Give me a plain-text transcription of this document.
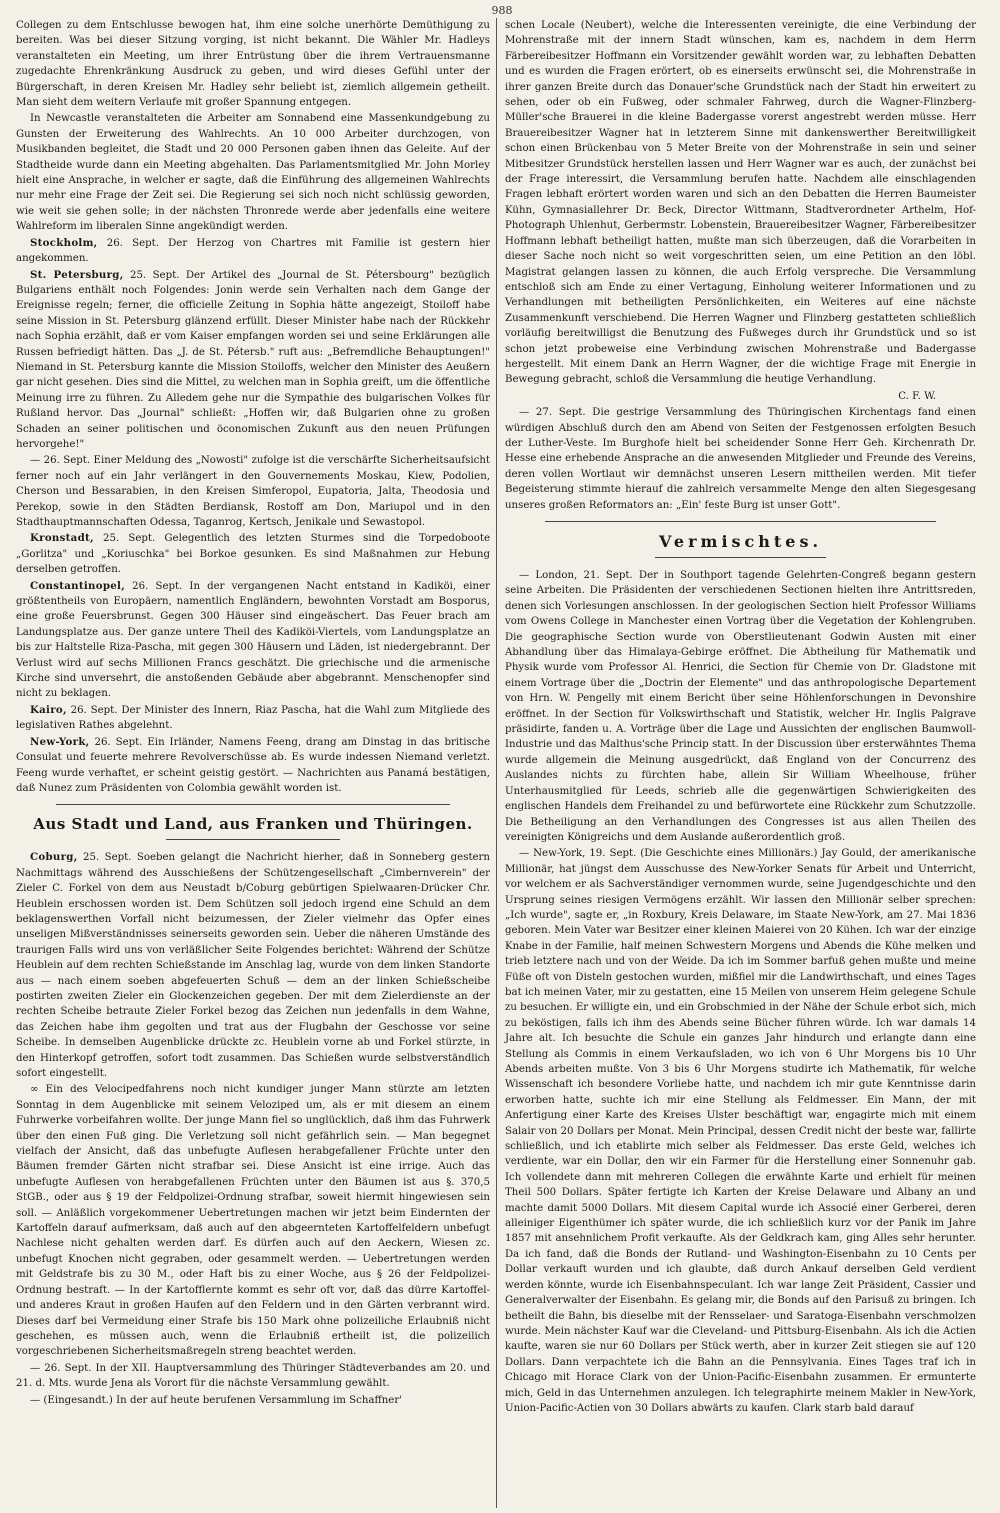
988

Collegen zu dem Entschlusse bewogen hat, ihm eine solche unerhörte Demüthigung zu bereiten. Was bei dieser Sitzung vorging, ist nicht bekannt. Die Wähler Mr. Hadleys veranstalteten ein Meeting, um ihrer Entrüstung über die ihrem Vertrauensmanne zugedachte Ehrenkränkung Ausdruck zu geben, und wird dieses Gefühl unter der Bürgerschaft, in deren Kreisen Mr. Hadley sehr beliebt ist, ziemlich allgemein getheilt. Man sieht dem weitern Verlaufe mit großer Spannung entgegen.

In Newcastle veranstalteten die Arbeiter am Sonnabend eine Massenkundgebung zu Gunsten der Erweiterung des Wahlrechts. An 10 000 Arbeiter durchzogen, von Musikbanden begleitet, die Stadt und 20 000 Personen gaben ihnen das Geleite. Auf der Stadtheide wurde dann ein Meeting abgehalten. Das Parlamentsmitglied Mr. John Morley hielt eine Ansprache, in welcher er sagte, daß die Einführung des allgemeinen Wahlrechts nur mehr eine Frage der Zeit sei. Die Regierung sei sich noch nicht schlüssig geworden, wie weit sie gehen solle; in der nächsten Thronrede werde aber jedenfalls eine weitere Wahlreform im liberalen Sinne angekündigt werden.

Stockholm, 26. Sept. Der Herzog von Chartres mit Familie ist gestern hier angekommen.

St. Petersburg, 25. Sept. Der Artikel des „Journal de St. Pétersbourg" bezüglich Bulgariens enthält noch Folgendes: Jonin werde sein Verhalten nach dem Gange der Ereignisse regeln; ferner, die officielle Zeitung in Sophia hätte angezeigt, Stoiloff habe seine Mission in St. Petersburg glänzend erfüllt. Dieser Minister habe nach der Rückkehr nach Sophia erzählt, daß er vom Kaiser empfangen worden sei und seine Erklärungen alle Russen befriedigt hätten. Das „J. de St. Pétersb." ruft aus: „Befremdliche Behauptungen!" Niemand in St. Petersburg kannte die Mission Stoiloffs, welcher den Minister des Aeußern gar nicht gesehen. Dies sind die Mittel, zu welchen man in Sophia greift, um die öffentliche Meinung irre zu führen. Zu Alledem gehe nur die Sympathie des bulgarischen Volkes für Rußland hervor. Das „Journal" schließt: „Hoffen wir, daß Bulgarien ohne zu großen Schaden an seiner politischen und öconomischen Zukunft aus den neuen Prüfungen hervorgehe!"

— 26. Sept. Einer Meldung des „Nowosti" zufolge ist die verschärfte Sicherheitsaufsicht ferner noch auf ein Jahr verlängert in den Gouvernements Moskau, Kiew, Podolien, Cherson und Bessarabien, in den Kreisen Simferopol, Eupatoria, Jalta, Theodosia und Perekop, sowie in den Städten Berdiansk, Rostoff am Don, Mariupol und in den Stadthauptmannschaften Odessa, Taganrog, Kertsch, Jenikale und Sewastopol.

Kronstadt, 25. Sept. Gelegentlich des letzten Sturmes sind die Torpedoboote „Gorlitza" und „Koriuschka" bei Borkoe gesunken. Es sind Maßnahmen zur Hebung derselben getroffen.

Constantinopel, 26. Sept. In der vergangenen Nacht entstand in Kadiköi, einer größtentheils von Europäern, namentlich Engländern, bewohnten Vorstadt am Bosporus, eine große Feuersbrunst. Gegen 300 Häuser sind eingeäschert. Das Feuer brach am Landungsplatze aus. Der ganze untere Theil des Kadiköi-Viertels, vom Landungsplatze an bis zur Haltstelle Riza-Pascha, mit gegen 300 Häusern und Läden, ist niedergebrannt. Der Verlust wird auf sechs Millionen Francs geschätzt. Die griechische und die armenische Kirche sind unversehrt, die anstoßenden Gebäude aber abgebrannt. Menschenopfer sind nicht zu beklagen.

Kairo, 26. Sept. Der Minister des Innern, Riaz Pascha, hat die Wahl zum Mitgliede des legislativen Rathes abgelehnt.

New-York, 26. Sept. Ein Irländer, Namens Feeng, drang am Dinstag in das britische Consulat und feuerte mehrere Revolverschüsse ab. Es wurde indessen Niemand verletzt. Feeng wurde verhaftet, er scheint geistig gestört. — Nachrichten aus Panamá bestätigen, daß Nunez zum Präsidenten von Colombia gewählt worden ist.

Aus Stadt und Land, aus Franken und Thüringen.

Coburg, 25. Sept. Soeben gelangt die Nachricht hierher, daß in Sonneberg gestern Nachmittags während des Ausschießens der Schützengesellschaft „Cimbernverein" der Zieler C. Forkel von dem aus Neustadt b/Coburg gebürtigen Spielwaaren-Drücker Chr. Heublein erschossen worden ist. Dem Schützen soll jedoch irgend eine Schuld an dem beklagenswerthen Vorfall nicht beizumessen, der Zieler vielmehr das Opfer eines unseligen Mißverständnisses seinerseits geworden sein. Ueber die näheren Umstände des traurigen Falls wird uns von verläßlicher Seite Folgendes berichtet: Während der Schütze Heublein auf dem rechten Schießstande im Anschlag lag, wurde von dem linken Standorte aus — nach einem soeben abgefeuerten Schuß — dem an der linken Schießscheibe postirten zweiten Zieler ein Glockenzeichen gegeben. Der mit dem Zielerdienste an der rechten Scheibe betraute Zieler Forkel bezog das Zeichen nun jedenfalls in dem Wahne, das Zeichen habe ihm gegolten und trat aus der Flugbahn der Geschosse vor seine Scheibe. In demselben Augenblicke drückte zc. Heublein vorne ab und Forkel stürzte, in den Hinterkopf getroffen, sofort todt zusammen. Das Schießen wurde selbstverständlich sofort eingestellt.

∞ Ein des Velocipedfahrens noch nicht kundiger junger Mann stürzte am letzten Sonntag in dem Augenblicke mit seinem Veloziped um, als er mit diesem an einem Fuhrwerke vorbeifahren wollte. Der junge Mann fiel so unglücklich, daß ihm das Fuhrwerk über den einen Fuß ging. Die Verletzung soll nicht gefährlich sein. — Man begegnet vielfach der Ansicht, daß das unbefugte Auflesen herabgefallener Früchte unter den Bäumen fremder Gärten nicht strafbar sei. Diese Ansicht ist eine irrige. Auch das unbefugte Auflesen von herabgefallenen Früchten unter den Bäumen ist aus §. 370,5 StGB., oder aus § 19 der Feldpolizei-Ordnung strafbar, soweit hiermit hingewiesen sein soll. — Anläßlich vorgekommener Uebertretungen machen wir jetzt beim Eindernten der Kartoffeln darauf aufmerksam, daß auch auf den abgeernteten Kartoffelfeldern unbefugt Nachlese nicht gehalten werden darf. Es dürfen auch auf den Aeckern, Wiesen zc. unbefugt Knochen nicht gegraben, oder gesammelt werden. — Uebertretungen werden mit Geldstrafe bis zu 30 M., oder Haft bis zu einer Woche, aus § 26 der Feldpolizei-Ordnung bestraft. — In der Kartofflernte kommt es sehr oft vor, daß das dürre Kartoffel- und anderes Kraut in großen Haufen auf den Feldern und in den Gärten verbrannt wird. Dieses darf bei Vermeidung einer Strafe bis 150 Mark ohne polizeiliche Erlaubniß nicht geschehen, es müssen auch, wenn die Erlaubniß ertheilt ist, die polizeilich vorgeschriebenen Sicherheitsmaßregeln streng beachtet werden.

— 26. Sept. In der XII. Hauptversammlung des Thüringer Städteverbandes am 20. und 21. d. Mts. wurde Jena als Vorort für die nächste Versammlung gewählt.

— (Eingesandt.) In der auf heute berufenen Versammlung im Schaffner'

schen Locale (Neubert), welche die Interessenten vereinigte, die eine Verbindung der Mohrenstraße mit der innern Stadt wünschen, kam es, nachdem in dem Herrn Färbereibesitzer Hoffmann ein Vorsitzender gewählt worden war, zu lebhaften Debatten und es wurden die Fragen erörtert, ob es einerseits erwünscht sei, die Mohrenstraße in ihrer ganzen Breite durch das Donauer'sche Grundstück nach der Stadt hin erweitert zu sehen, oder ob ein Fußweg, oder schmaler Fahrweg, durch die Wagner-Flinzberg-Müller'sche Brauerei in die kleine Badergasse vorerst angestrebt werden müsse. Herr Brauereibesitzer Wagner hat in letzterem Sinne mit dankenswerther Bereitwilligkeit schon einen Brückenbau von 5 Meter Breite von der Mohrenstraße in sein und seiner Mitbesitzer Grundstück herstellen lassen und Herr Wagner war es auch, der zunächst bei der Frage interessirt, die Versammlung berufen hatte. Nachdem alle einschlagenden Fragen lebhaft erörtert worden waren und sich an den Debatten die Herren Baumeister Kühn, Gymnasiallehrer Dr. Beck, Director Wittmann, Stadtverordneter Arthelm, Hof-Photograph Uhlenhut, Gerbermstr. Lobenstein, Brauereibesitzer Wagner, Färbereibesitzer Hoffmann lebhaft betheiligt hatten, mußte man sich überzeugen, daß die Vorarbeiten in dieser Sache noch nicht so weit vorgeschritten seien, um eine Petition an den löbl. Magistrat gelangen lassen zu können, die auch Erfolg verspreche. Die Versammlung entschloß sich am Ende zu einer Vertagung, Einholung weiterer Informationen und zu Verhandlungen mit betheiligten Persönlichkeiten, ein Weiteres auf eine nächste Zusammenkunft verschiebend. Die Herren Wagner und Flinzberg gestatteten schließlich vorläufig bereitwilligst die Benutzung des Fußweges durch ihr Grundstück und so ist schon jetzt probeweise eine Verbindung zwischen Mohrenstraße und Badergasse hergestellt. Mit einem Dank an Herrn Wagner, der die wichtige Frage mit Energie in Bewegung gebracht, schloß die Versammlung die heutige Verhandlung.

C. F. W.

— 27. Sept. Die gestrige Versammlung des Thüringischen Kirchentags fand einen würdigen Abschluß durch den am Abend von Seiten der Festgenossen erfolgten Besuch der Luther-Veste. Im Burghofe hielt bei scheidender Sonne Herr Geh. Kirchenrath Dr. Hesse eine erhebende Ansprache an die anwesenden Mitglieder und Freunde des Vereins, deren vollen Wortlaut wir demnächst unseren Lesern mittheilen werden. Mit tiefer Begeisterung stimmte hierauf die zahlreich versammelte Menge den alten Siegesgesang unseres großen Reformators an: „Ein' feste Burg ist unser Gott".

Vermischtes.

— London, 21. Sept. Der in Southport tagende Gelehrten-Congreß begann gestern seine Arbeiten. Die Präsidenten der verschiedenen Sectionen hielten ihre Antrittsreden, denen sich Vorlesungen anschlossen. In der geologischen Section hielt Professor Williams vom Owens College in Manchester einen Vortrag über die Vegetation der Kohlengruben. Die geographische Section wurde von Oberstlieutenant Godwin Austen mit einer Abhandlung über das Himalaya-Gebirge eröffnet. Die Abtheilung für Mathematik und Physik wurde vom Professor Al. Henrici, die Section für Chemie von Dr. Gladstone mit einem Vortrage über die „Doctrin der Elemente" und das anthropologische Departement von Hrn. W. Pengelly mit einem Bericht über seine Höhlenforschungen in Devonshire eröffnet. In der Section für Volkswirthschaft und Statistik, welcher Hr. Inglis Palgrave präsidirte, fanden u. A. Vorträge über die Lage und Aussichten der englischen Baumwoll-Industrie und das Malthus'sche Princip statt. In der Discussion über ersterwähntes Thema wurde allgemein die Meinung ausgedrückt, daß England von der Concurrenz des Auslandes nichts zu fürchten habe, allein Sir William Wheelhouse, früher Unterhausmitglied für Leeds, schrieb alle die gegenwärtigen Schwierigkeiten des englischen Handels dem Freihandel zu und befürwortete eine Rückkehr zum Schutzzolle. Die Betheiligung an den Verhandlungen des Congresses ist aus allen Theilen des vereinigten Königreichs und dem Auslande außerordentlich groß.

— New-York, 19. Sept. (Die Geschichte eines Millionärs.) Jay Gould, der amerikanische Millionär, hat jüngst dem Ausschusse des New-Yorker Senats für Arbeit und Unterricht, vor welchem er als Sachverständiger vernommen wurde, seine Jugendgeschichte und den Ursprung seines riesigen Vermögens erzählt. Wir lassen den Millionär selber sprechen: „Ich wurde", sagte er, „in Roxbury, Kreis Delaware, im Staate New-York, am 27. Mai 1836 geboren. Mein Vater war Besitzer einer kleinen Maierei von 20 Kühen. Ich war der einzige Knabe in der Familie, half meinen Schwestern Morgens und Abends die Kühe melken und trieb letztere nach und von der Weide. Da ich im Sommer barfuß gehen mußte und meine Füße oft von Disteln gestochen wurden, mißfiel mir die Landwirthschaft, und eines Tages bat ich meinen Vater, mir zu gestatten, eine 15 Meilen von unserem Heim gelegene Schule zu besuchen. Er willigte ein, und ein Grobschmied in der Nähe der Schule erbot sich, mich zu beköstigen, falls ich ihm des Abends seine Bücher führen würde. Ich war damals 14 Jahre alt. Ich besuchte die Schule ein ganzes Jahr hindurch und erlangte dann eine Stellung als Commis in einem Verkaufsladen, wo ich von 6 Uhr Morgens bis 10 Uhr Abends arbeiten mußte. Von 3 bis 6 Uhr Morgens studirte ich Mathematik, für welche Wissenschaft ich besondere Vorliebe hatte, und nachdem ich mir gute Kenntnisse darin erworben hatte, suchte ich mir eine Stellung als Feldmesser. Ein Mann, der mit Anfertigung einer Karte des Kreises Ulster beschäftigt war, engagirte mich mit einem Salair von 20 Dollars per Monat. Mein Principal, dessen Credit nicht der beste war, fallirte schließlich, und ich etablirte mich selber als Feldmesser. Das erste Geld, welches ich verdiente, war ein Dollar, den wir ein Farmer für die Herstellung einer Sonnenuhr gab. Ich vollendete dann mit mehreren Collegen die erwähnte Karte und erhielt für meinen Theil 500 Dollars. Später fertigte ich Karten der Kreise Delaware und Albany an und machte damit 5000 Dollars. Mit diesem Capital wurde ich Associé einer Gerberei, deren alleiniger Eigenthümer ich später wurde, die ich schließlich kurz vor der Panik im Jahre 1857 mit ansehnlichem Profit verkaufte. Als der Geldkrach kam, ging Alles sehr herunter. Da ich fand, daß die Bonds der Rutland- und Washington-Eisenbahn zu 10 Cents per Dollar verkauft wurden und ich glaubte, daß durch Ankauf derselben Geld verdient werden könnte, wurde ich Eisenbahnspeculant. Ich war lange Zeit Präsident, Cassier und Generalverwalter der Eisenbahn. Es gelang mir, die Bonds auf den Parisuß zu bringen. Ich betheilt die Bahn, bis dieselbe mit der Rensselaer- und Saratoga-Eisenbahn verschmolzen wurde. Mein nächster Kauf war die Cleveland- und Pittsburg-Eisenbahn. Als ich die Actien kaufte, waren sie nur 60 Dollars per Stück werth, aber in kurzer Zeit stiegen sie auf 120 Dollars. Dann verpachtete ich die Bahn an die Pennsylvania. Eines Tages traf ich in Chicago mit Horace Clark von der Union-Pacific-Eisenbahn zusammen. Er ermunterte mich, Geld in das Unternehmen anzulegen. Ich telegraphirte meinem Makler in New-York, Union-Pacific-Actien von 30 Dollars abwärts zu kaufen. Clark starb bald darauf
